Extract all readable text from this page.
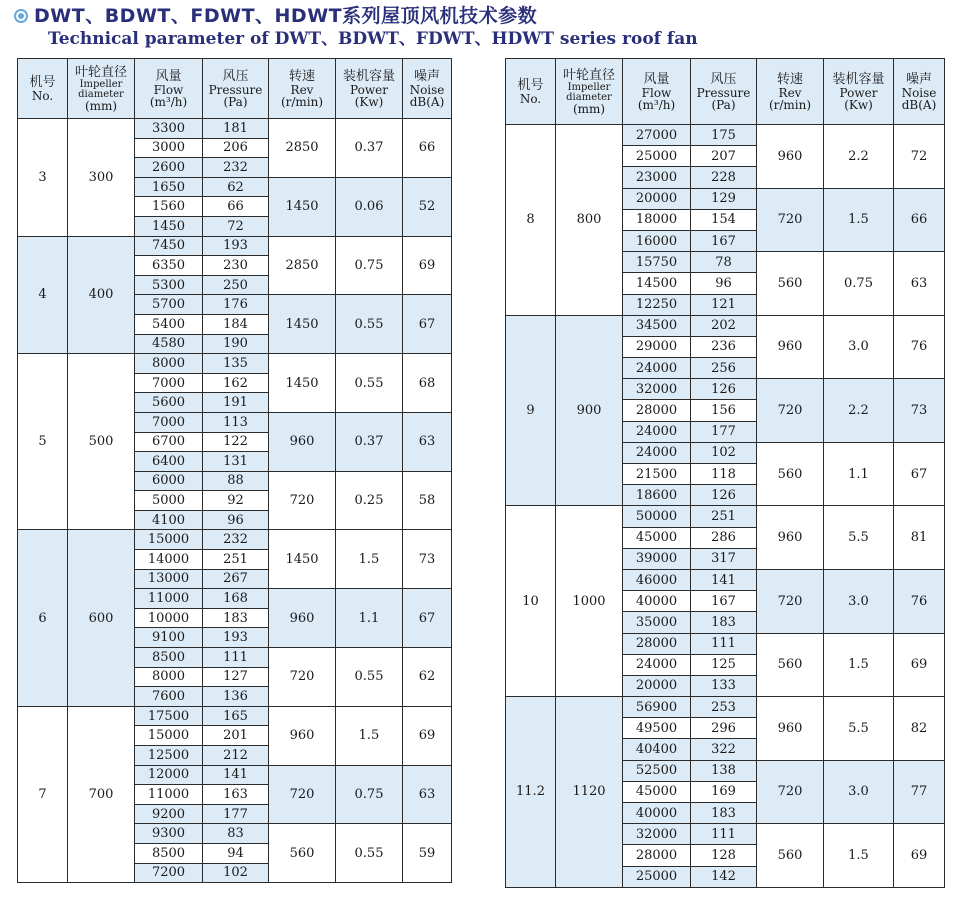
DWT、BDWT、FDWT、HDWT系列屋顶风机技术参数
Technical parameter of DWT、BDWT、FDWT、HDWT series roof fan
机号
No.	叶轮直径
Impeller
diameter
(mm)	风量
Flow
(m³/h)	风压
Pressure
(Pa)	转速
Rev
(r/min)	装机容量
Power
(Kw)	噪声
Noise
dB(A)

3	300	3300	181	2850	0.37	66
		3000	206			
		2600	232			
		1650	62	1450	0.06	52
		1560	66			
		1450	72			
4	400	7450	193	2850	0.75	69
		6350	230			
		5300	250			
		5700	176	1450	0.55	67
		5400	184			
		4580	190			
5	500	8000	135	1450	0.55	68
		7000	162			
		5600	191			
		7000	113	960	0.37	63
		6700	122			
		6400	131			
		6000	88	720	0.25	58
		5000	92			
		4100	96			
6	600	15000	232	1450	1.5	73
		14000	251			
		13000	267			
		11000	168	960	1.1	67
		10000	183			
		9100	193			
		8500	111	720	0.55	62
		8000	127			
		7600	136			
7	700	17500	165	960	1.5	69
		15000	201			
		12500	212			
		12000	141	720	0.75	63
		11000	163			
		9200	177			
		9300	83	560	0.55	59
		8500	94			
		7200	102			
机号
No.	叶轮直径
Impeller
diameter
(mm)	风量
Flow
(m³/h)	风压
Pressure
(Pa)	转速
Rev
(r/min)	装机容量
Power
(Kw)	噪声
Noise
dB(A)

8	800	27000	175	960	2.2	72
		25000	207			
		23000	228			
		20000	129	720	1.5	66
		18000	154			
		16000	167			
		15750	78	560	0.75	63
		14500	96			
		12250	121			
9	900	34500	202	960	3.0	76
		29000	236			
		24000	256			
		32000	126	720	2.2	73
		28000	156			
		24000	177			
		24000	102	560	1.1	67
		21500	118			
		18600	126			
10	1000	50000	251	960	5.5	81
		45000	286			
		39000	317			
		46000	141	720	3.0	76
		40000	167			
		35000	183			
		28000	111	560	1.5	69
		24000	125			
		20000	133			
11.2	1120	56900	253	960	5.5	82
		49500	296			
		40400	322			
		52500	138	720	3.0	77
		45000	169			
		40000	183			
		32000	111	560	1.5	69
		28000	128			
		25000	142			
